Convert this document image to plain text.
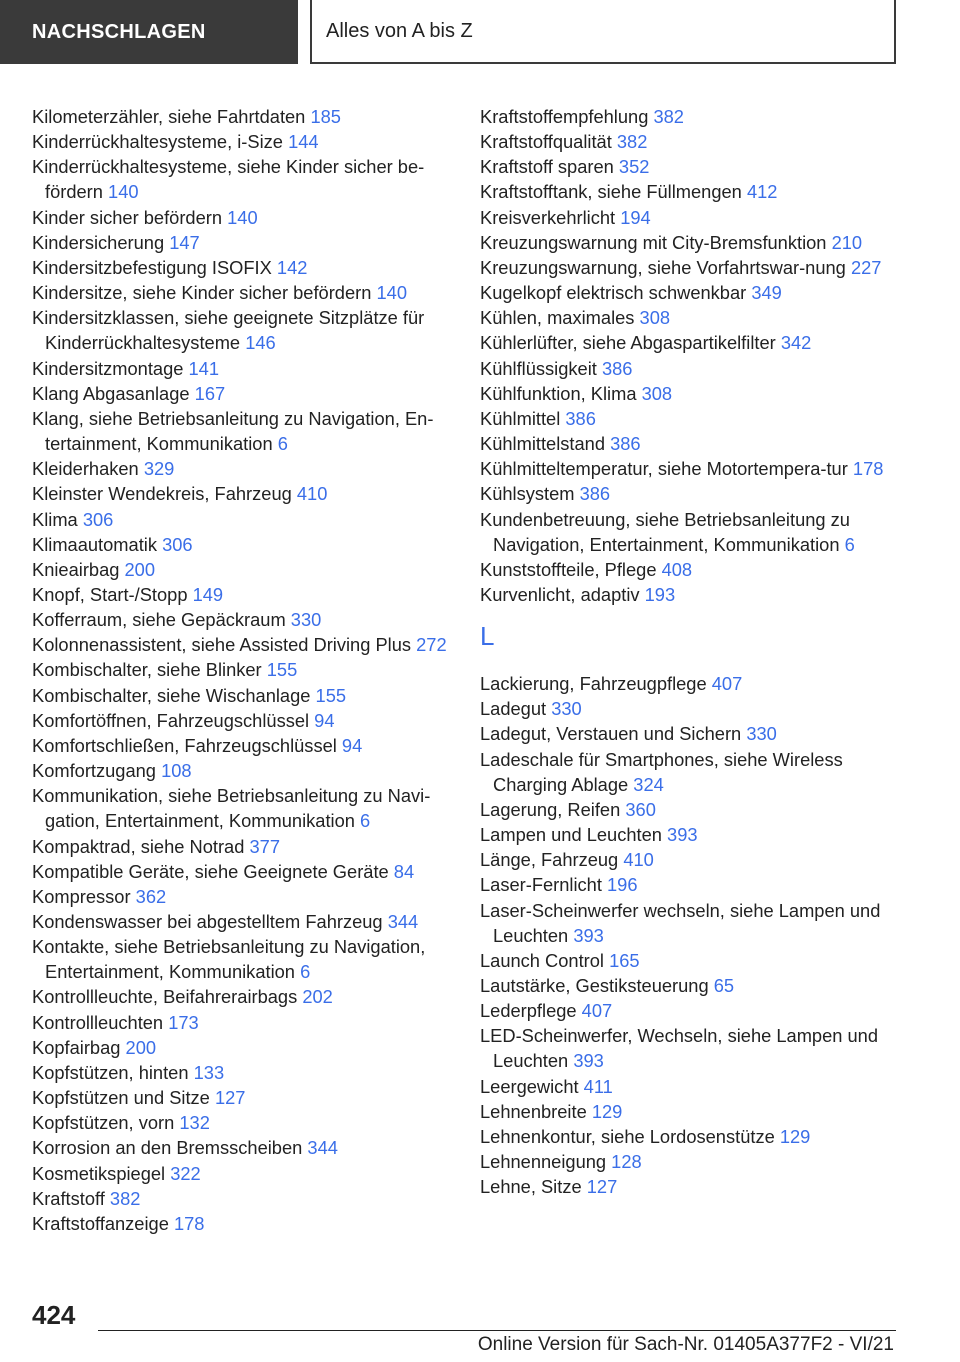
NACHSCHLAGEN	Alles von A bis Z
Kilometerzähler, siehe Fahrtdaten 185
Kinderrückhaltesysteme, i-Size 144
Kinderrückhaltesysteme, siehe Kinder sicher be-fördern 140
Kinder sicher befördern 140
Kindersicherung 147
Kindersitzbefestigung ISOFIX 142
Kindersitze, siehe Kinder sicher befördern 140
Kindersitzklassen, siehe geeignete Sitzplätze für Kinderrückhaltesysteme 146
Kindersitzmontage 141
Klang Abgasanlage 167
Klang, siehe Betriebsanleitung zu Navigation, En-tertainment, Kommunikation 6
Kleiderhaken 329
Kleinster Wendekreis, Fahrzeug 410
Klima 306
Klimaautomatik 306
Knieairbag 200
Knopf, Start-/Stopp 149
Kofferraum, siehe Gepäckraum 330
Kolonnenassistent, siehe Assisted Driving Plus 272
Kombischalter, siehe Blinker 155
Kombischalter, siehe Wischanlage 155
Komfortöffnen, Fahrzeugschlüssel 94
Komfortschließen, Fahrzeugschlüssel 94
Komfortzugang 108
Kommunikation, siehe Betriebsanleitung zu Navi-gation, Entertainment, Kommunikation 6
Kompaktrad, siehe Notrad 377
Kompatible Geräte, siehe Geeignete Geräte 84
Kompressor 362
Kondenswasser bei abgestelltem Fahrzeug 344
Kontakte, siehe Betriebsanleitung zu Navigation, Entertainment, Kommunikation 6
Kontrollleuchte, Beifahrerairbags 202
Kontrollleuchten 173
Kopfairbag 200
Kopfstützen, hinten 133
Kopfstützen und Sitze 127
Kopfstützen, vorn 132
Korrosion an den Bremsscheiben 344
Kosmetikspiegel 322
Kraftstoff 382
Kraftstoffanzeige 178
Kraftstoffempfehlung 382
Kraftstoffqualität 382
Kraftstoff sparen 352
Kraftstofftank, siehe Füllmengen 412
Kreisverkehrlicht 194
Kreuzungswarnung mit City-Bremsfunktion 210
Kreuzungswarnung, siehe Vorfahrtswar-nung 227
Kugelkopf elektrisch schwenkbar 349
Kühlen, maximales 308
Kühlerlüfter, siehe Abgaspartikelfilter 342
Kühlflüssigkeit 386
Kühlfunktion, Klima 308
Kühlmittel 386
Kühlmittelstand 386
Kühlmitteltemperatur, siehe Motortempera-tur 178
Kühlsystem 386
Kundenbetreuung, siehe Betriebsanleitung zu Navigation, Entertainment, Kommunikation 6
Kunststoffteile, Pflege 408
Kurvenlicht, adaptiv 193
L
Lackierung, Fahrzeugpflege 407
Ladegut 330
Ladegut, Verstauen und Sichern 330
Ladeschale für Smartphones, siehe Wireless Charging Ablage 324
Lagerung, Reifen 360
Lampen und Leuchten 393
Länge, Fahrzeug 410
Laser-Fernlicht 196
Laser-Scheinwerfer wechseln, siehe Lampen und Leuchten 393
Launch Control 165
Lautstärke, Gestiksteuerung 65
Lederpflege 407
LED-Scheinwerfer, Wechseln, siehe Lampen und Leuchten 393
Leergewicht 411
Lehnenbreite 129
Lehnenkontur, siehe Lordosenstütze 129
Lehnenneigung 128
Lehne, Sitze 127
424
Online Version für Sach-Nr. 01405A377F2 - VI/21
